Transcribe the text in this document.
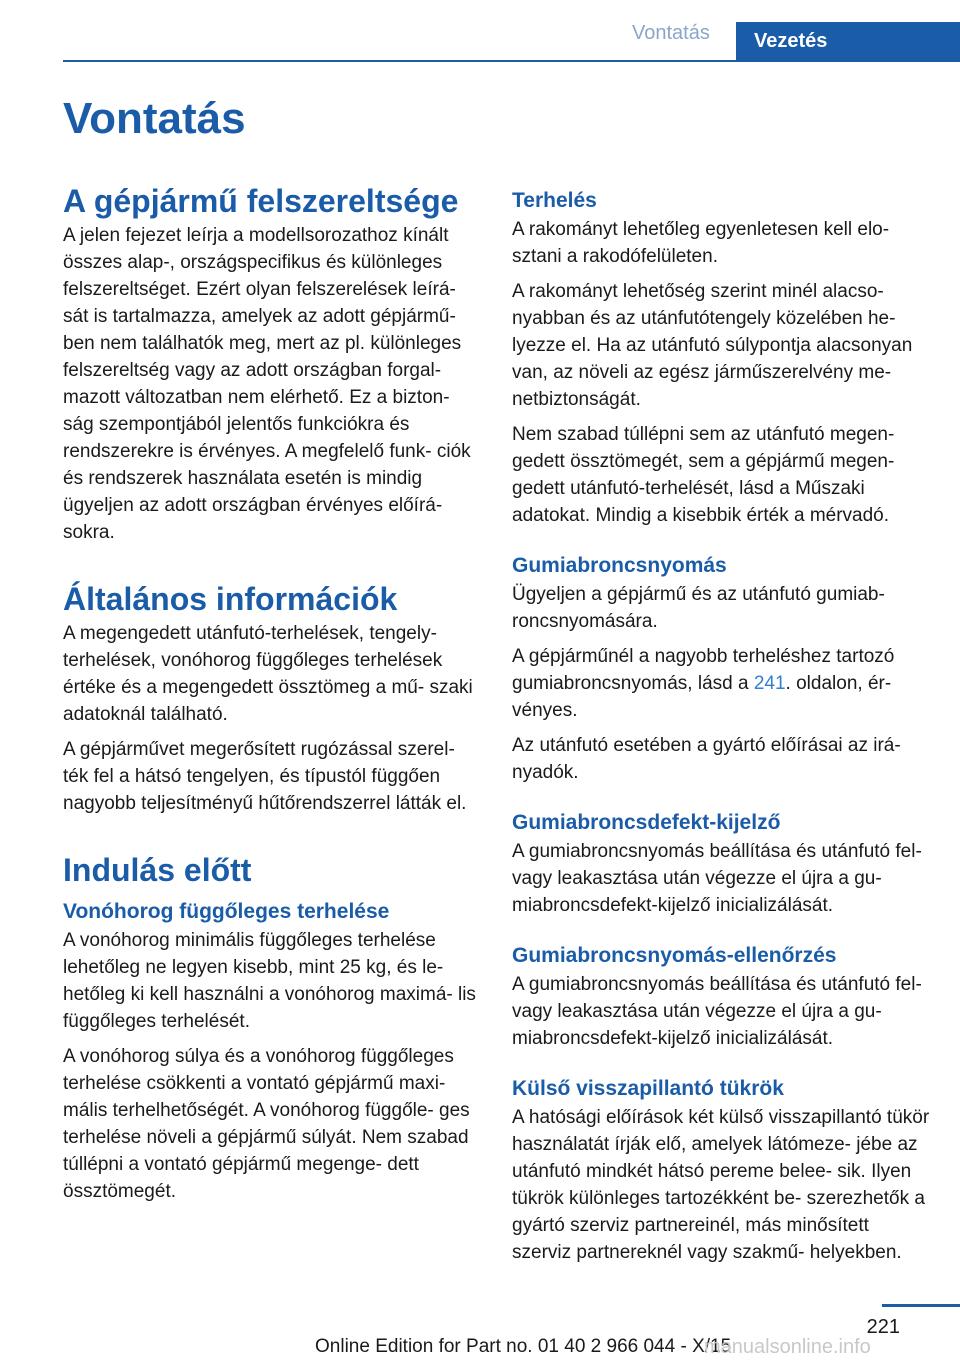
Vontatás	Vezetés
Vontatás
A gépjármű felszereltsége

A jelen fejezet leírja a modellsorozathoz kínált összes alap-, országspecifikus és különleges felszereltséget. Ezért olyan felszerelések leírá- sát is tartalmazza, amelyek az adott gépjármű- ben nem találhatók meg, mert az pl. különleges felszereltség vagy az adott országban forgal- mazott változatban nem elérhető. Ez a bizton- ság szempontjából jelentős funkciókra és rendszerekre is érvényes. A megfelelő funk- ciók és rendszerek használata esetén is mindig ügyeljen az adott országban érvényes előírá- sokra.

Általános információk

A megengedett utánfutó-terhelések, tengely- terhelések, vonóhorog függőleges terhelések értéke és a megengedett össztömeg a mű- szaki adatoknál található.

A gépjárművet megerősített rugózással szerel- ték fel a hátsó tengelyen, és típustól függően nagyobb teljesítményű hűtőrendszerrel látták el.

Indulás előtt
Vonóhorog függőleges terhelése

A vonóhorog minimális függőleges terhelése lehetőleg ne legyen kisebb, mint 25 kg, és le- hetőleg ki kell használni a vonóhorog maximá- lis függőleges terhelését.

A vonóhorog súlya és a vonóhorog függőleges terhelése csökkenti a vontató gépjármű maxi- mális terhelhetőségét. A vonóhorog függőle- ges terhelése növeli a gépjármű súlyát. Nem szabad túllépni a vontató gépjármű megenge- dett össztömegét.

Terhelés

A rakományt lehetőleg egyenletesen kell elo- sztani a rakodófelületen.

A rakományt lehetőség szerint minél alacso- nyabban és az utánfutótengely közelében he- lyezze el. Ha az utánfutó súlypontja alacsonyan van, az növeli az egész járműszerelvény me- netbiztonságát.

Nem szabad túllépni sem az utánfutó megen- gedett össztömegét, sem a gépjármű megen- gedett utánfutó-terhelését, lásd a Műszaki adatokat. Mindig a kisebbik érték a mérvadó.

Gumiabroncsnyomás

Ügyeljen a gépjármű és az utánfutó gumiab- roncsnyomására.

A gépjárműnél a nagyobb terheléshez tartozó gumiabroncsnyomás, lásd a 241. oldalon, ér- vényes.

Az utánfutó esetében a gyártó előírásai az irá- nyadók.

Gumiabroncsdefekt-kijelző

A gumiabroncsnyomás beállítása és utánfutó fel- vagy leakasztása után végezze el újra a gu- miabroncsdefekt-kijelző inicializálását.

Gumiabroncsnyomás-ellenőrzés

A gumiabroncsnyomás beállítása és utánfutó fel- vagy leakasztása után végezze el újra a gu- miabroncsdefekt-kijelző inicializálását.

Külső visszapillantó tükrök

A hatósági előírások két külső visszapillantó tükör használatát írják elő, amelyek látómeze- jébe az utánfutó mindkét hátsó pereme belee- sik. Ilyen tükrök különleges tartozékként be- szerezhetők a gyártó szerviz partnereinél, más minősített szerviz partnereknél vagy szakmű- helyekben.

221
Online Edition for Part no. 01 40 2 966 044 - X/15
manualsonline.info
